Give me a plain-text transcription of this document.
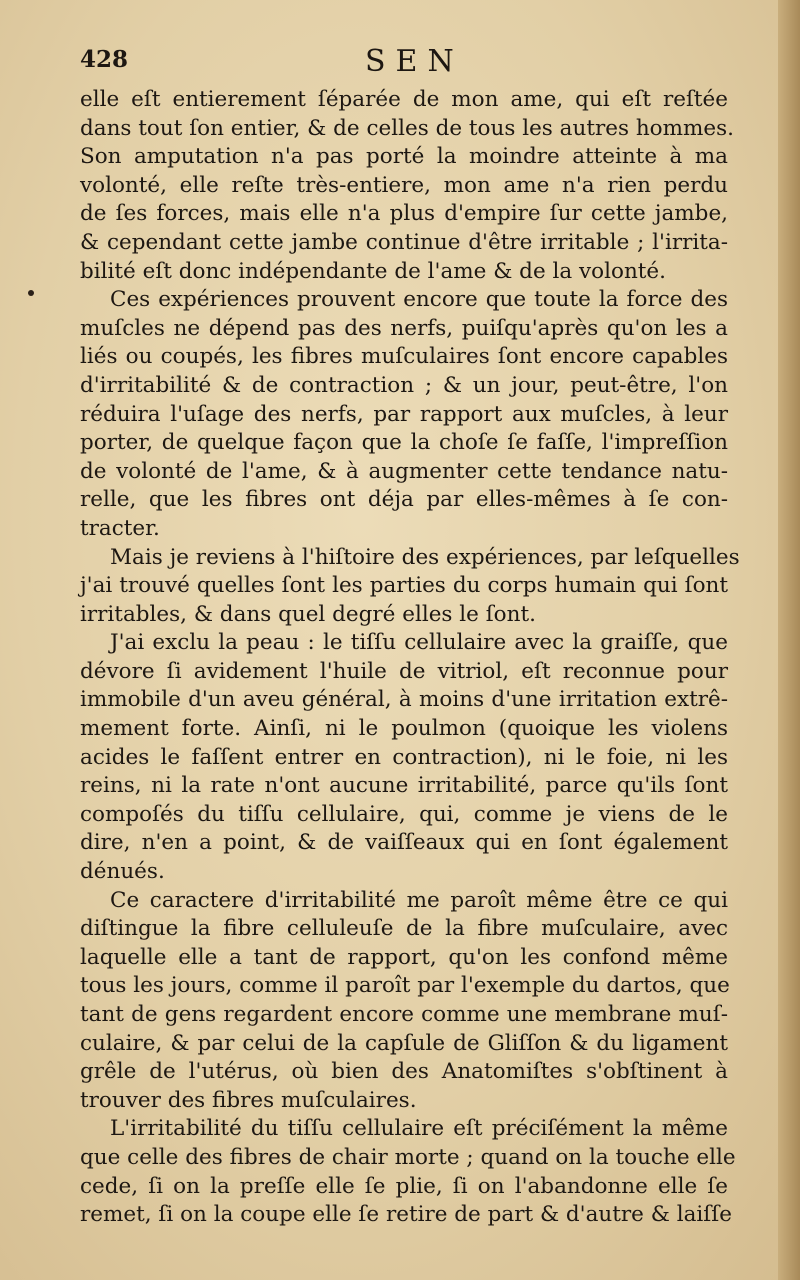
428	SEN
elle eſt entierement ſéparée de mon ame, qui eſt reſtée
dans tout ſon entier, & de celles de tous les autres hommes.
Son amputation n'a pas porté la moindre atteinte à ma
volonté, elle reſte très-entiere, mon ame n'a rien perdu
de ſes forces, mais elle n'a plus d'empire ſur cette jambe,
& cependant cette jambe continue d'être irritable ; l'irrita-
bilité eſt donc indépendante de l'ame & de la volonté.
Ces expériences prouvent encore que toute la force des
muſcles ne dépend pas des nerfs, puiſqu'après qu'on les a
liés ou coupés, les fibres muſculaires ſont encore capables
d'irritabilité & de contraction ; & un jour, peut-être, l'on
réduira l'uſage des nerfs, par rapport aux muſcles, à leur
porter, de quelque façon que la choſe ſe faſſe, l'impreſſion
de volonté de l'ame, & à augmenter cette tendance natu-
relle, que les fibres ont déja par elles-mêmes à ſe con-
tracter.
Mais je reviens à l'hiſtoire des expériences, par leſquelles
j'ai trouvé quelles ſont les parties du corps humain qui ſont
irritables, & dans quel degré elles le ſont.
J'ai exclu la peau : le tiſſu cellulaire avec la graiſſe, que
dévore ſi avidement l'huile de vitriol, eſt reconnue pour
immobile d'un aveu général, à moins d'une irritation extrê-
mement forte. Ainſi, ni le poulmon (quoique les violens
acides le faſſent entrer en contraction), ni le foie, ni les
reins, ni la rate n'ont aucune irritabilité, parce qu'ils ſont
compoſés du tiſſu cellulaire, qui, comme je viens de le
dire, n'en a point, & de vaiſſeaux qui en ſont également
dénués.
Ce caractere d'irritabilité me paroît même être ce qui
diſtingue la fibre celluleuſe de la fibre muſculaire, avec
laquelle elle a tant de rapport, qu'on les confond même
tous les jours, comme il paroît par l'exemple du dartos, que
tant de gens regardent encore comme une membrane muſ-
culaire, & par celui de la capſule de Gliſſon & du ligament
grêle de l'utérus, où bien des Anatomiſtes s'obſtinent à
trouver des fibres muſculaires.
L'irritabilité du tiſſu cellulaire eſt préciſément la même
que celle des fibres de chair morte ; quand on la touche elle
cede, ſi on la preſſe elle ſe plie, ſi on l'abandonne elle ſe
remet, ſi on la coupe elle ſe retire de part & d'autre & laiſſe
